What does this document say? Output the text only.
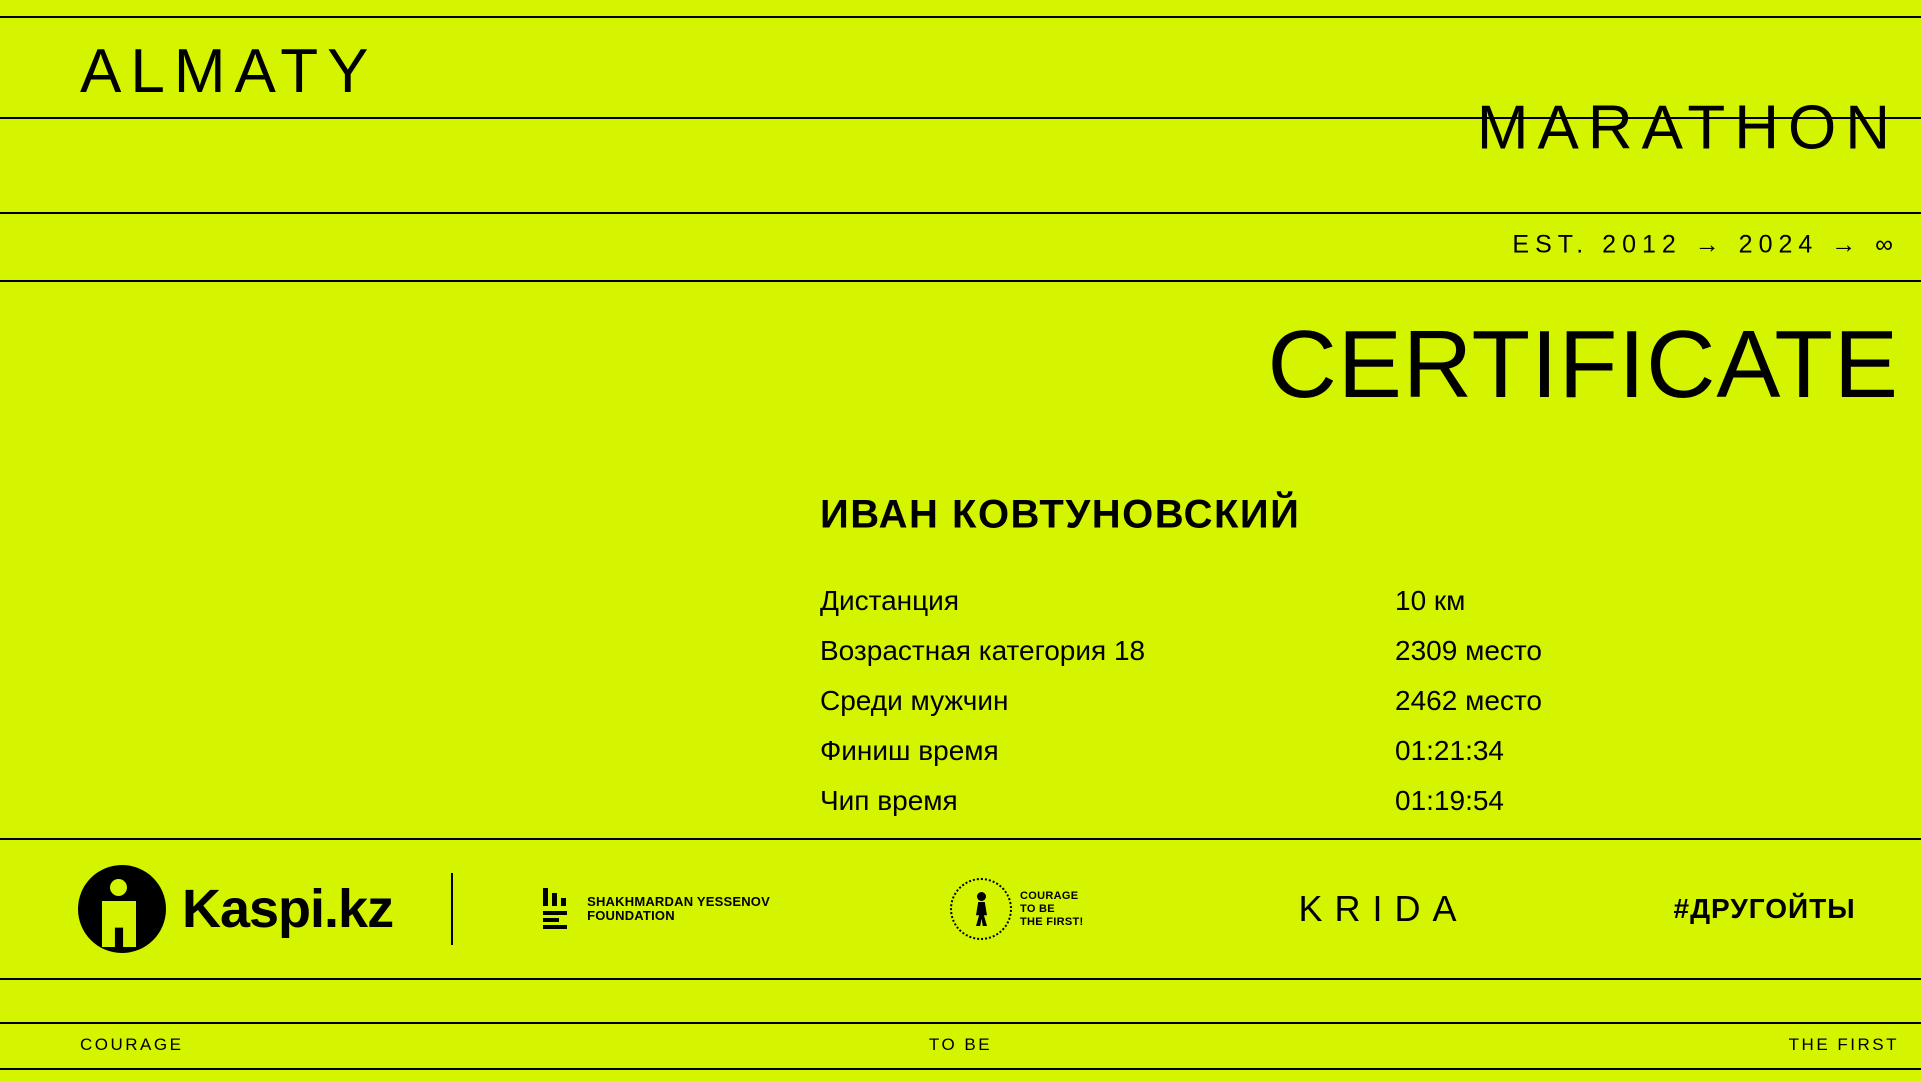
ALMATY
MARATHON
EST. 2012 → 2024 → ∞
CERTIFICATE
ИВАН КОВТУНОВСКИЙ
Дистанция	10 км
Возрастная категория 18	2309 место
Среди мужчин	2462 место
Финиш время	01:21:34
Чип время	01:19:54
Kaspi.kz	SHAKHMARDAN YESSENOV
FOUNDATION
COURAGE
TO BE
THE FIRST!	KRIDA	#ДРУГОЙТЫ
COURAGE	TO BE	THE FIRST
